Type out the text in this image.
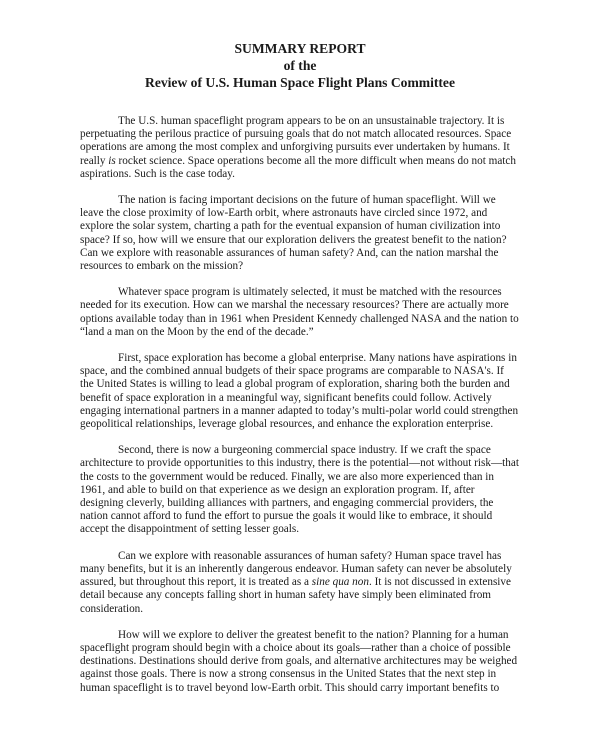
SUMMARY REPORT
of the
Review of U.S. Human Space Flight Plans Committee

The U.S. human spaceflight program appears to be on an unsustainable trajectory. It is perpetuating the perilous practice of pursuing goals that do not match allocated resources. Space operations are among the most complex and unforgiving pursuits ever undertaken by humans. It really is rocket science. Space operations become all the more difficult when means do not match aspirations. Such is the case today.

The nation is facing important decisions on the future of human spaceflight. Will we leave the close proximity of low-Earth orbit, where astronauts have circled since 1972, and explore the solar system, charting a path for the eventual expansion of human civilization into space? If so, how will we ensure that our exploration delivers the greatest benefit to the nation? Can we explore with reasonable assurances of human safety? And, can the nation marshal the resources to embark on the mission?

Whatever space program is ultimately selected, it must be matched with the resources needed for its execution. How can we marshal the necessary resources? There are actually more options available today than in 1961 when President Kennedy challenged NASA and the nation to “land a man on the Moon by the end of the decade.”

First, space exploration has become a global enterprise. Many nations have aspirations in space, and the combined annual budgets of their space programs are comparable to NASA's. If the United States is willing to lead a global program of exploration, sharing both the burden and benefit of space exploration in a meaningful way, significant benefits could follow. Actively engaging international partners in a manner adapted to today’s multi-polar world could strengthen geopolitical relationships, leverage global resources, and enhance the exploration enterprise.

Second, there is now a burgeoning commercial space industry. If we craft the space architecture to provide opportunities to this industry, there is the potential—not without risk—that the costs to the government would be reduced. Finally, we are also more experienced than in 1961, and able to build on that experience as we design an exploration program. If, after designing cleverly, building alliances with partners, and engaging commercial providers, the nation cannot afford to fund the effort to pursue the goals it would like to embrace, it should accept the disappointment of setting lesser goals.

Can we explore with reasonable assurances of human safety? Human space travel has many benefits, but it is an inherently dangerous endeavor. Human safety can never be absolutely assured, but throughout this report, it is treated as a sine qua non. It is not discussed in extensive detail because any concepts falling short in human safety have simply been eliminated from consideration.

How will we explore to deliver the greatest benefit to the nation? Planning for a human spaceflight program should begin with a choice about its goals—rather than a choice of possible destinations. Destinations should derive from goals, and alternative architectures may be weighed against those goals. There is now a strong consensus in the United States that the next step in human spaceflight is to travel beyond low-Earth orbit. This should carry important benefits to
